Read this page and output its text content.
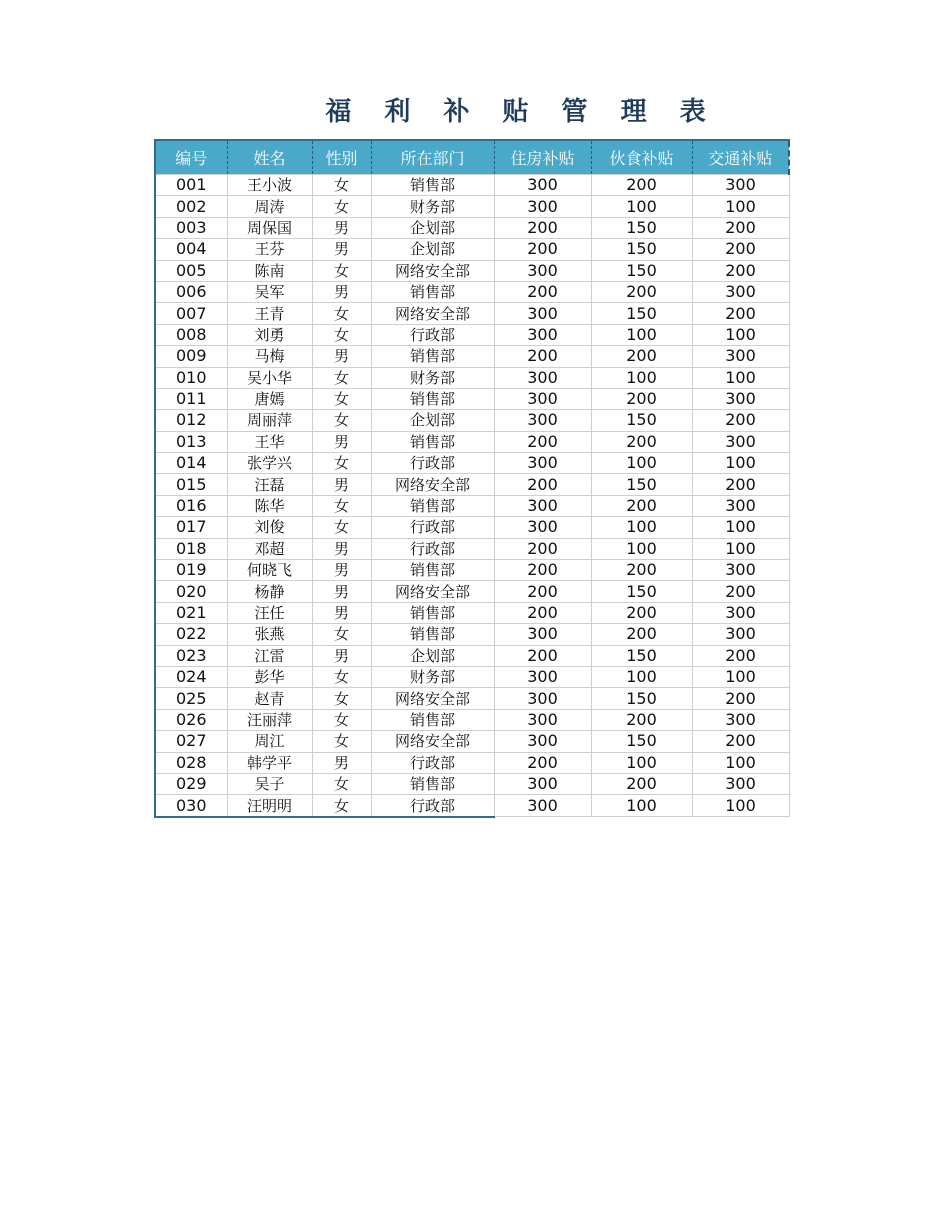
福 利 补 贴 管 理 表
编号	姓名	性别	所在部门	住房补贴	伙食补贴	交通补贴
001	王小波	女	销售部	300	200	300
002	周涛	女	财务部	300	100	100
003	周保国	男	企划部	200	150	200
004	王芬	男	企划部	200	150	200
005	陈南	女	网络安全部	300	150	200
006	吴军	男	销售部	200	200	300
007	王青	女	网络安全部	300	150	200
008	刘勇	女	行政部	300	100	100
009	马梅	男	销售部	200	200	300
010	吴小华	女	财务部	300	100	100
011	唐嫣	女	销售部	300	200	300
012	周丽萍	女	企划部	300	150	200
013	王华	男	销售部	200	200	300
014	张学兴	女	行政部	300	100	100
015	汪磊	男	网络安全部	200	150	200
016	陈华	女	销售部	300	200	300
017	刘俊	女	行政部	300	100	100
018	邓超	男	行政部	200	100	100
019	何晓飞	男	销售部	200	200	300
020	杨静	男	网络安全部	200	150	200
021	汪任	男	销售部	200	200	300
022	张燕	女	销售部	300	200	300
023	江雷	男	企划部	200	150	200
024	彭华	女	财务部	300	100	100
025	赵青	女	网络安全部	300	150	200
026	汪丽萍	女	销售部	300	200	300
027	周江	女	网络安全部	300	150	200
028	韩学平	男	行政部	200	100	100
029	吴子	女	销售部	300	200	300
030	汪明明	女	行政部	300	100	100
